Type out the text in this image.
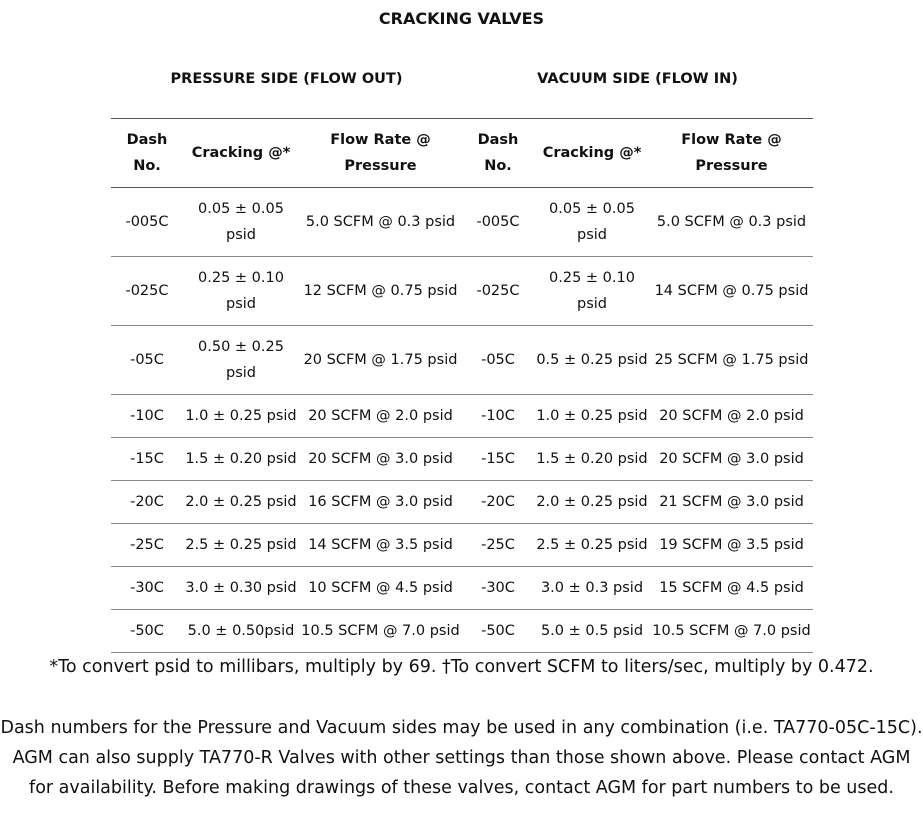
CRACKING VALVES
PRESSURE SIDE (FLOW OUT)	VACUUM SIDE (FLOW IN)
Dash No.	Cracking @*	Flow Rate @ Pressure	Dash No.	Cracking @*	Flow Rate @ Pressure
-005C	0.05 ± 0.05 psid	5.0 SCFM @ 0.3 psid	-005C	0.05 ± 0.05 psid	5.0 SCFM @ 0.3 psid
-025C	0.25 ± 0.10 psid	12 SCFM @ 0.75 psid	-025C	0.25 ± 0.10 psid	14 SCFM @ 0.75 psid
-05C	0.50 ± 0.25 psid	20 SCFM @ 1.75 psid	-05C	0.5 ± 0.25 psid	25 SCFM @ 1.75 psid
-10C	1.0 ± 0.25 psid	20 SCFM @ 2.0 psid	-10C	1.0 ± 0.25 psid	20 SCFM @ 2.0 psid
-15C	1.5 ± 0.20 psid	20 SCFM @ 3.0 psid	-15C	1.5 ± 0.20 psid	20 SCFM @ 3.0 psid
-20C	2.0 ± 0.25 psid	16 SCFM @ 3.0 psid	-20C	2.0 ± 0.25 psid	21 SCFM @ 3.0 psid
-25C	2.5 ± 0.25 psid	14 SCFM @ 3.5 psid	-25C	2.5 ± 0.25 psid	19 SCFM @ 3.5 psid
-30C	3.0 ± 0.30 psid	10 SCFM @ 4.5 psid	-30C	3.0 ± 0.3 psid	15 SCFM @ 4.5 psid
-50C	5.0 ± 0.50psid	10.5 SCFM @ 7.0 psid	-50C	5.0 ± 0.5 psid	10.5 SCFM @ 7.0 psid
*To convert psid to millibars, multiply by 69. †To convert SCFM to liters/sec, multiply by 0.472.
Dash numbers for the Pressure and Vacuum sides may be used in any combination (i.e. TA770-05C-15C).
AGM can also supply TA770-R Valves with other settings than those shown above. Please contact AGM
for availability. Before making drawings of these valves, contact AGM for part numbers to be used.
